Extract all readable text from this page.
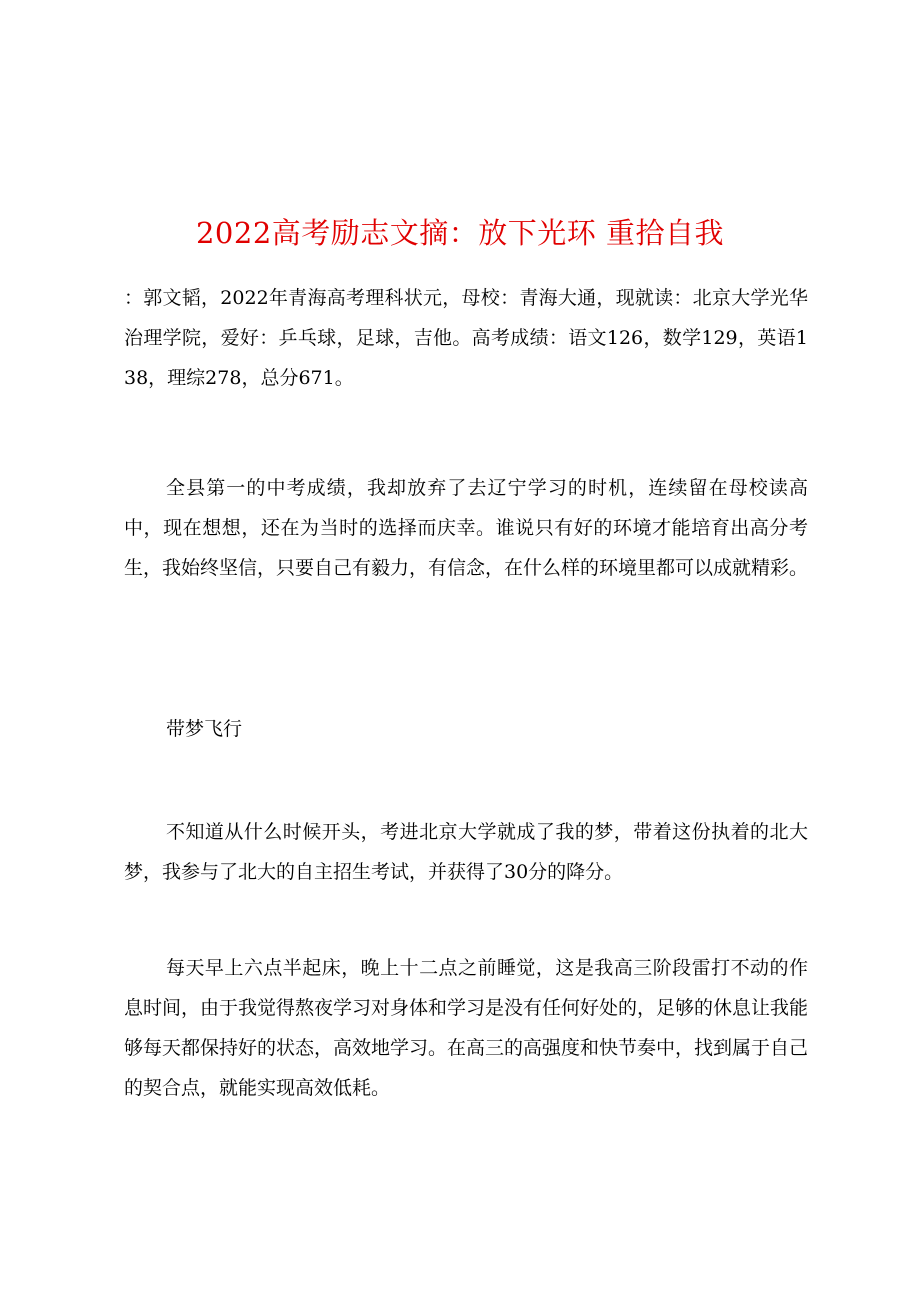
2022高考励志文摘：放下光环 重拾自我

：郭文韬，2022年青海高考理科状元，母校：青海大通，现就读：北京大学光华治理学院，爱好：乒乓球，足球，吉他。高考成绩：语文126，数学129，英语138，理综278，总分671。

全县第一的中考成绩，我却放弃了去辽宁学习的时机，连续留在母校读高中，现在想想，还在为当时的选择而庆幸。谁说只有好的环境才能培育出高分考生，我始终坚信，只要自己有毅力，有信念，在什么样的环境里都可以成就精彩。

带梦飞行

不知道从什么时候开头，考进北京大学就成了我的梦，带着这份执着的北大梦，我参与了北大的自主招生考试，并获得了30分的降分。

每天早上六点半起床，晚上十二点之前睡觉，这是我高三阶段雷打不动的作息时间，由于我觉得熬夜学习对身体和学习是没有任何好处的，足够的休息让我能够每天都保持好的状态，高效地学习。在高三的高强度和快节奏中，找到属于自己的契合点，就能实现高效低耗。
